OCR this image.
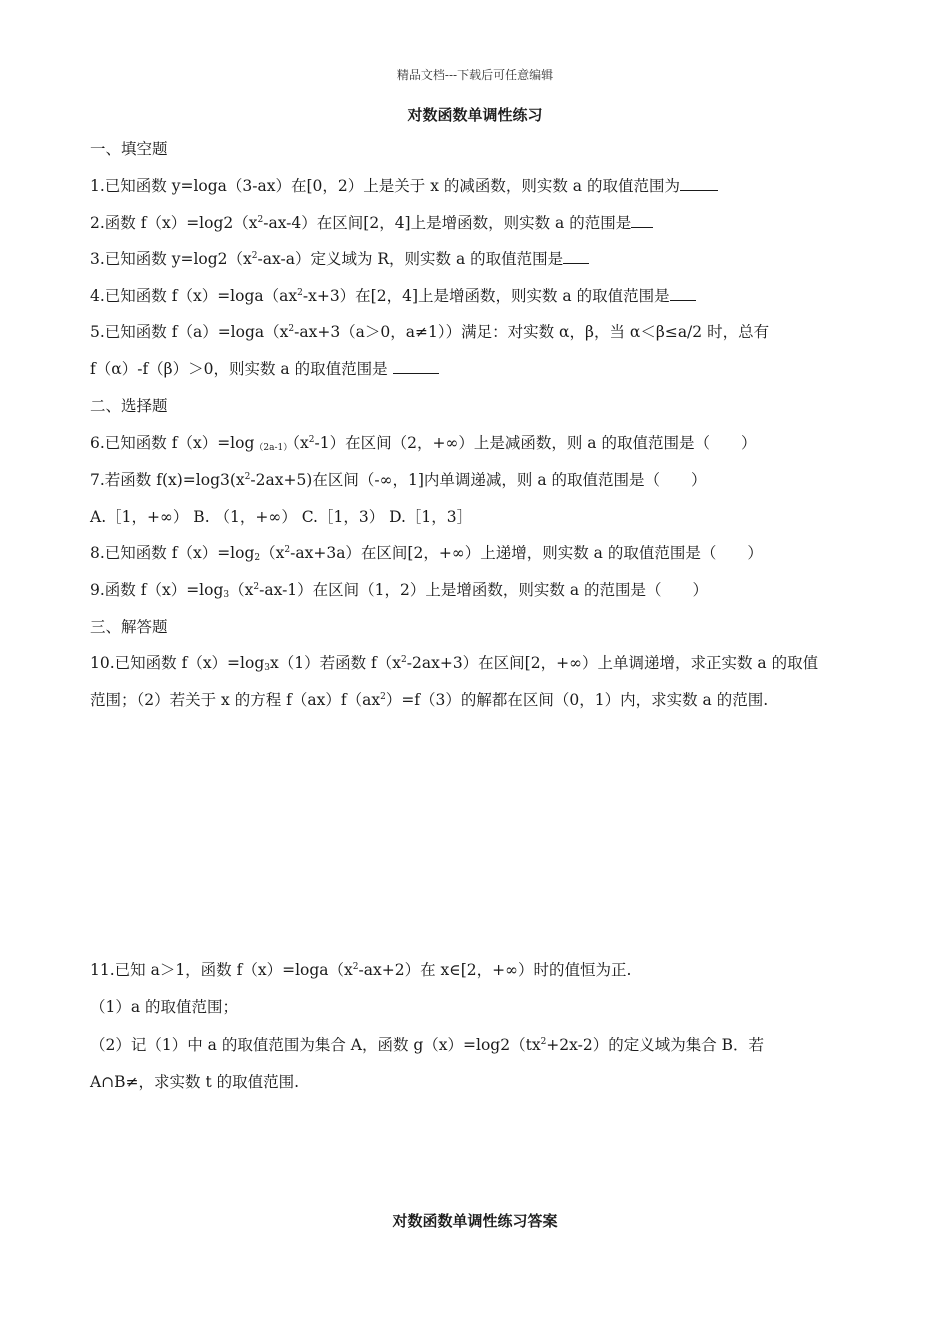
精品文档---下载后可任意编辑
对数函数单调性练习
一、填空题
1.已知函数 y=loga（3-ax）在[0，2）上是关于 x 的减函数，则实数 a 的取值范围为
2.函数 $f(x)=\log 2(x^2-ax-4)$在区间[2，4]上是增函数，则实数 a 的范围是
3.已知函数 $y=\log 2(x^2-ax-a)$定义域为 R，则实数 a 的取值范围是
4.已知函数 $f(x)=\log a(ax^2-x+3)$在[2，4]上是增函数，则实数 a 的取值范围是
5.已知函数 $f(a)=\log a(x^2-ax+3(a>0$，a≠1））满足：对实数 α，β，当 α＜β≤a/2 时，总有
f（α）-f（β）＞0，则实数 a 的取值范围是
二、选择题
6.已知函数 $f(x)=\log_{(2a-1)}(x^2-1)$在区间（2，+∞）上是减函数，则 a 的取值范围是（　　）
7.若函数 $f(x)=\log 3(x^2-2ax+5)$在区间（-∞，1]内单调递减，则 a 的取值范围是（　　）
A.［1，+∞） B. （1，+∞） C.［1，3） D.［1，3］
8.已知函数 $f(x)=\log_2(x^2-ax+3a)$在区间[2，+∞）上递增，则实数 a 的取值范围是（　　）
9.函数 $f(x)=\log_3(x^2-ax-1)$在区间（1，2）上是增函数，则实数 a 的范围是（　　）
三、解答题
10.已知函数 $f(x)=\log_3x(1)$若函数 $f(x^2-2ax+3)$在区间[2，+∞）上单调递增，求正实数 a 的取值
范围；（2）若关于 x 的方程 $f(ax)f(ax^2)=f(3)$的解都在区间（0，1）内，求实数 a 的范围.
11.已知 a＞1，函数 $f(x)=\log a(x^2-ax+2)$在 x∈[2，+∞）时的值恒为正.
（1）a 的取值范围；
（2）记（1）中 a 的取值范围为集合 A，函数 $g(x)=\log 2(tx^2+2x-2)$的定义域为集合 B．若
A∩B≠，求实数 t 的取值范围.
对数函数单调性练习答案
